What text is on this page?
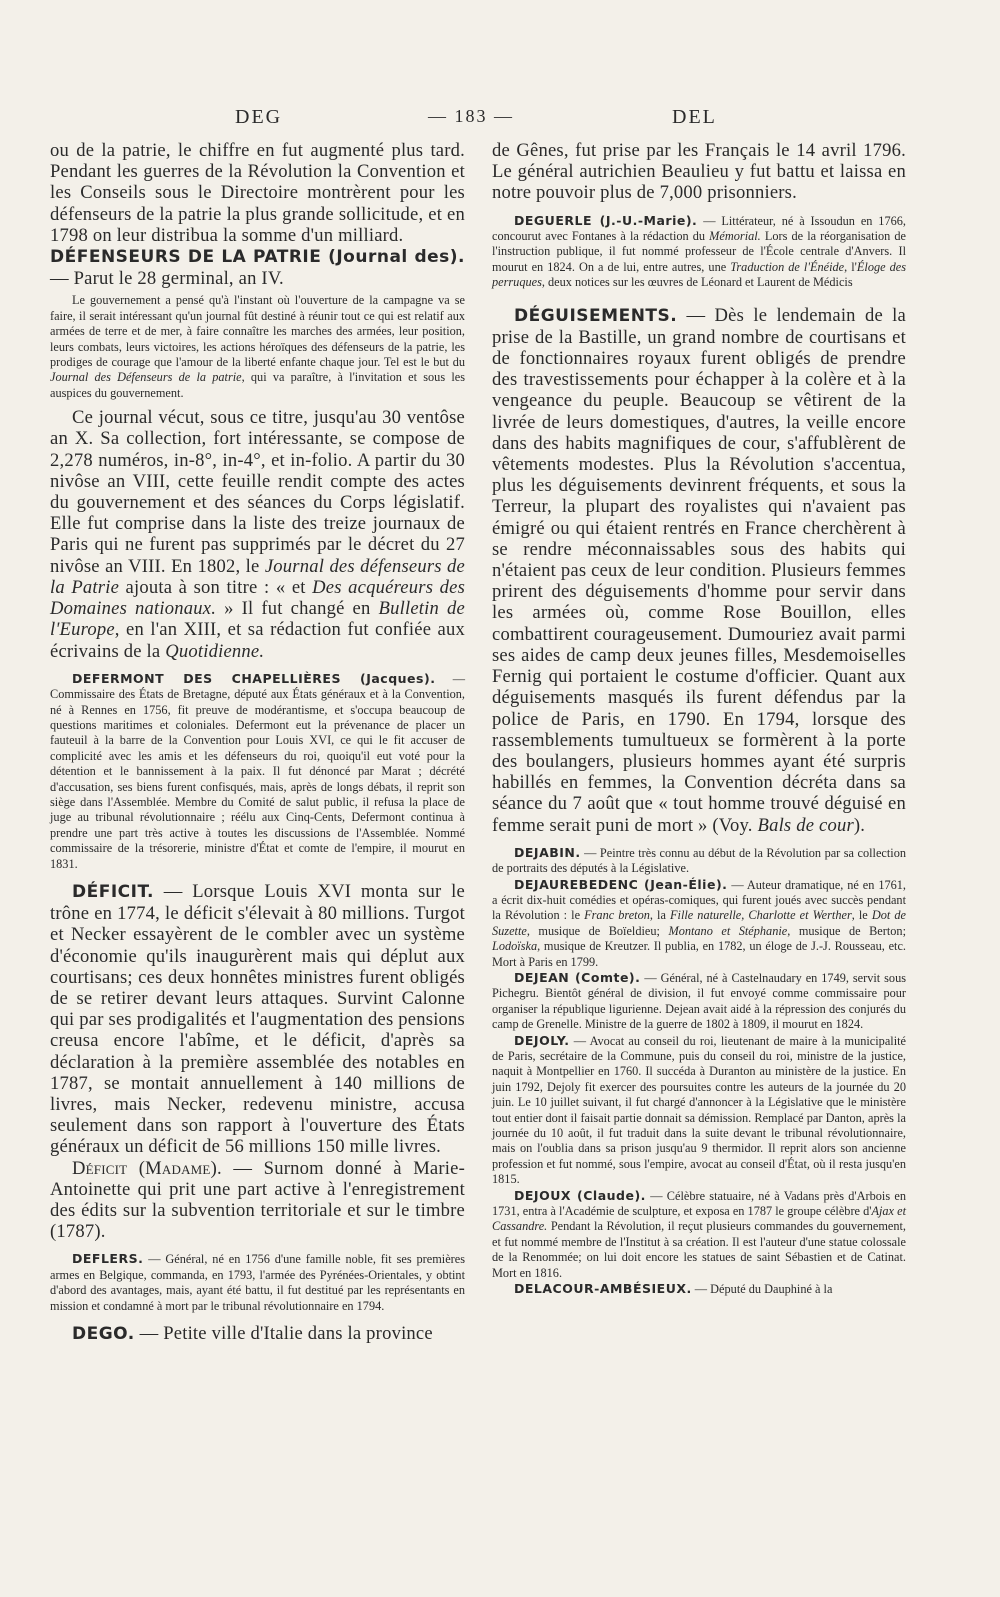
DEG	— 183 —	DEL

ou de la patrie, le chiffre en fut augmenté plus tard. Pendant les guerres de la Révolution la Convention et les Conseils sous le Directoire montrèrent pour les défenseurs de la patrie la plus grande sollicitude, et en 1798 on leur distribua la somme d'un milliard.

DÉFENSEURS DE LA PATRIE (Journal des). — Parut le 28 germinal, an IV.

Le gouvernement a pensé qu'à l'instant où l'ouverture de la campagne va se faire, il serait intéressant qu'un journal fût destiné à réunir tout ce qui est relatif aux armées de terre et de mer, à faire connaître les marches des armées, leur position, leurs combats, leurs victoires, les actions héroïques des défenseurs de la patrie, les prodiges de courage que l'amour de la liberté enfante chaque jour. Tel est le but du Journal des Défenseurs de la patrie, qui va paraître, à l'invitation et sous les auspices du gouvernement.

Ce journal vécut, sous ce titre, jusqu'au 30 ventôse an X. Sa collection, fort intéressante, se compose de 2,278 numéros, in-8°, in-4°, et in-folio. A partir du 30 nivôse an VIII, cette feuille rendit compte des actes du gouvernement et des séances du Corps législatif. Elle fut comprise dans la liste des treize journaux de Paris qui ne furent pas supprimés par le décret du 27 nivôse an VIII. En 1802, le Journal des défenseurs de la Patrie ajouta à son titre : « et Des acquéreurs des Domaines nationaux. » Il fut changé en Bulletin de l'Europe, en l'an XIII, et sa rédaction fut confiée aux écrivains de la Quotidienne.

DEFERMONT DES CHAPELLIÈRES (Jacques). — Commissaire des États de Bretagne, député aux États généraux et à la Convention, né à Rennes en 1756, fit preuve de modérantisme, et s'occupa beaucoup de questions maritimes et coloniales. Defermont eut la prévenance de placer un fauteuil à la barre de la Convention pour Louis XVI, ce qui le fit accuser de complicité avec les amis et les défenseurs du roi, quoiqu'il eut voté pour la détention et le bannissement à la paix. Il fut dénoncé par Marat ; décrété d'accusation, ses biens furent confisqués, mais, après de longs débats, il reprit son siège dans l'Assemblée. Membre du Comité de salut public, il refusa la place de juge au tribunal révolutionnaire ; réélu aux Cinq-Cents, Defermont continua à prendre une part très active à toutes les discussions de l'Assemblée. Nommé commissaire de la trésorerie, ministre d'État et comte de l'empire, il mourut en 1831.

DÉFICIT. — Lorsque Louis XVI monta sur le trône en 1774, le déficit s'élevait à 80 millions. Turgot et Necker essayèrent de le combler avec un système d'économie qu'ils inaugurèrent mais qui déplut aux courtisans; ces deux honnêtes ministres furent obligés de se retirer devant leurs attaques. Survint Calonne qui par ses prodigalités et l'augmentation des pensions creusa encore l'abîme, et le déficit, d'après sa déclaration à la première assemblée des notables en 1787, se montait annuellement à 140 millions de livres, mais Necker, redevenu ministre, accusa seulement dans son rapport à l'ouverture des États généraux un déficit de 56 millions 150 mille livres.

Déficit (Madame). — Surnom donné à Marie-Antoinette qui prit une part active à l'enregistrement des édits sur la subvention territoriale et sur le timbre (1787).

DEFLERS. — Général, né en 1756 d'une famille noble, fit ses premières armes en Belgique, commanda, en 1793, l'armée des Pyrénées-Orientales, y obtint d'abord des avantages, mais, ayant été battu, il fut destitué par les représentants en mission et condamné à mort par le tribunal révolutionnaire en 1794.

DEGO. — Petite ville d'Italie dans la province

de Gênes, fut prise par les Français le 14 avril 1796. Le général autrichien Beaulieu y fut battu et laissa en notre pouvoir plus de 7,000 prisonniers.

DEGUERLE (J.-U.-Marie). — Littérateur, né à Issoudun en 1766, concourut avec Fontanes à la rédaction du Mémorial. Lors de la réorganisation de l'instruction publique, il fut nommé professeur de l'École centrale d'Anvers. Il mourut en 1824. On a de lui, entre autres, une Traduction de l'Énéide, l'Éloge des perruques, deux notices sur les œuvres de Léonard et Laurent de Médicis

DÉGUISEMENTS. — Dès le lendemain de la prise de la Bastille, un grand nombre de courtisans et de fonctionnaires royaux furent obligés de prendre des travestissements pour échapper à la colère et à la vengeance du peuple. Beaucoup se vêtirent de la livrée de leurs domestiques, d'autres, la veille encore dans des habits magnifiques de cour, s'affublèrent de vêtements modestes. Plus la Révolution s'accentua, plus les déguisements devinrent fréquents, et sous la Terreur, la plupart des royalistes qui n'avaient pas émigré ou qui étaient rentrés en France cherchèrent à se rendre méconnaissables sous des habits qui n'étaient pas ceux de leur condition. Plusieurs femmes prirent des déguisements d'homme pour servir dans les armées où, comme Rose Bouillon, elles combattirent courageusement. Dumouriez avait parmi ses aides de camp deux jeunes filles, Mesdemoiselles Fernig qui portaient le costume d'officier. Quant aux déguisements masqués ils furent défendus par la police de Paris, en 1790. En 1794, lorsque des rassemblements tumultueux se formèrent à la porte des boulangers, plusieurs hommes ayant été surpris habillés en femmes, la Convention décréta dans sa séance du 7 août que « tout homme trouvé déguisé en femme serait puni de mort » (Voy. Bals de cour).

DEJABIN. — Peintre très connu au début de la Révolution par sa collection de portraits des députés à la Législative.

DEJAUREBEDENC (Jean-Élie). — Auteur dramatique, né en 1761, a écrit dix-huit comédies et opéras-comiques, qui furent joués avec succès pendant la Révolution : le Franc breton, la Fille naturelle, Charlotte et Werther, le Dot de Suzette, musique de Boïeldieu; Montano et Stéphanie, musique de Berton; Lodoïska, musique de Kreutzer. Il publia, en 1782, un éloge de J.-J. Rousseau, etc. Mort à Paris en 1799.

DEJEAN (Comte). — Général, né à Castelnaudary en 1749, servit sous Pichegru. Bientôt général de division, il fut envoyé comme commissaire pour organiser la république ligurienne. Dejean avait aidé à la répression des conjurés du camp de Grenelle. Ministre de la guerre de 1802 à 1809, il mourut en 1824.

DEJOLY. — Avocat au conseil du roi, lieutenant de maire à la municipalité de Paris, secrétaire de la Commune, puis du conseil du roi, ministre de la justice, naquit à Montpellier en 1760. Il succéda à Duranton au ministère de la justice. En juin 1792, Dejoly fit exercer des poursuites contre les auteurs de la journée du 20 juin. Le 10 juillet suivant, il fut chargé d'annoncer à la Législative que le ministère tout entier dont il faisait partie donnait sa démission. Remplacé par Danton, après la journée du 10 août, il fut traduit dans la suite devant le tribunal révolutionnaire, mais on l'oublia dans sa prison jusqu'au 9 thermidor. Il reprit alors son ancienne profession et fut nommé, sous l'empire, avocat au conseil d'État, où il resta jusqu'en 1815.

DEJOUX (Claude). — Célèbre statuaire, né à Vadans près d'Arbois en 1731, entra à l'Académie de sculpture, et exposa en 1787 le groupe célèbre d'Ajax et Cassandre. Pendant la Révolution, il reçut plusieurs commandes du gouvernement, et fut nommé membre de l'Institut à sa création. Il est l'auteur d'une statue colossale de la Renommée; on lui doit encore les statues de saint Sébastien et de Catinat. Mort en 1816.

DELACOUR-AMBÉSIEUX. — Député du Dauphiné à la
